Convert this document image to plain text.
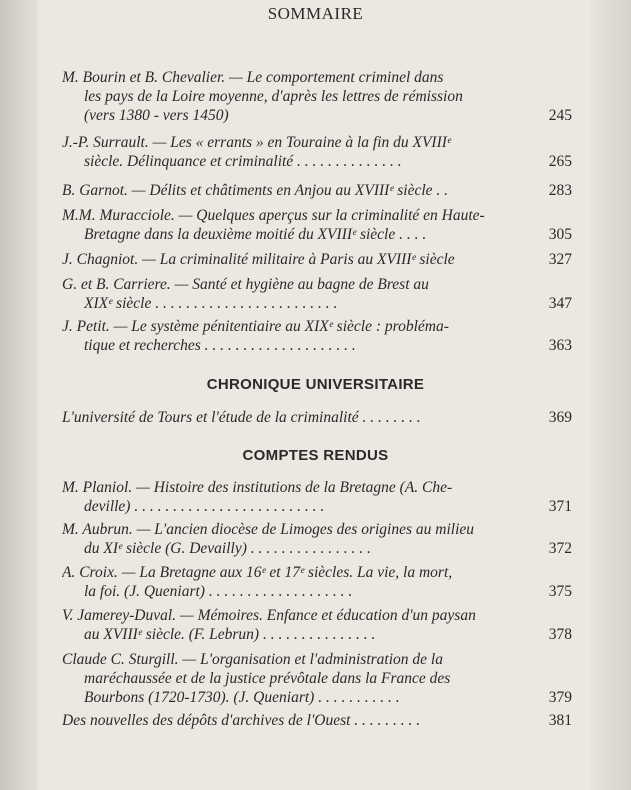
SOMMAIRE
M. Bourin et B. Chevalier. — Le comportement criminel dans
les pays de la Loire moyenne, d'après les lettres de rémission
(vers 1380 - vers 1450)	245
J.-P. Surrault. — Les « errants » en Touraine à la fin du XVIIIᵉ
siècle. Délinquance et criminalité . . . . . . . . . . . . . .	265
B. Garnot. — Délits et châtiments en Anjou au XVIIIᵉ siècle . .	283
M.M. Muracciole. — Quelques aperçus sur la criminalité en Haute-
Bretagne dans la deuxième moitié du XVIIIᵉ siècle . . . .	305
J. Chagniot. — La criminalité militaire à Paris au XVIIIᵉ siècle	327
G. et B. Carriere. — Santé et hygiène au bagne de Brest au
XIXᵉ siècle . . . . . . . . . . . . . . . . . . . . . . . .	347
J. Petit. — Le système pénitentiaire au XIXᵉ siècle : probléma-
tique et recherches . . . . . . . . . . . . . . . . . . . .	363
CHRONIQUE UNIVERSITAIRE
L'université de Tours et l'étude de la criminalité . . . . . . . .	369
COMPTES RENDUS
M. Planiol. — Histoire des institutions de la Bretagne (A. Che-
deville) . . . . . . . . . . . . . . . . . . . . . . . . .	371
M. Aubrun. — L'ancien diocèse de Limoges des origines au milieu
du XIᵉ siècle (G. Devailly) . . . . . . . . . . . . . . . .	372
A. Croix. — La Bretagne aux 16ᵉ et 17ᵉ siècles. La vie, la mort,
la foi. (J. Queniart) . . . . . . . . . . . . . . . . . . .	375
V. Jamerey-Duval. — Mémoires. Enfance et éducation d'un paysan
au XVIIIᵉ siècle. (F. Lebrun) . . . . . . . . . . . . . . .	378
Claude C. Sturgill. — L'organisation et l'administration de la
maréchaussée et de la justice prévôtale dans la France des
Bourbons (1720-1730). (J. Queniart) . . . . . . . . . . .	379
Des nouvelles des dépôts d'archives de l'Ouest . . . . . . . . .	381
